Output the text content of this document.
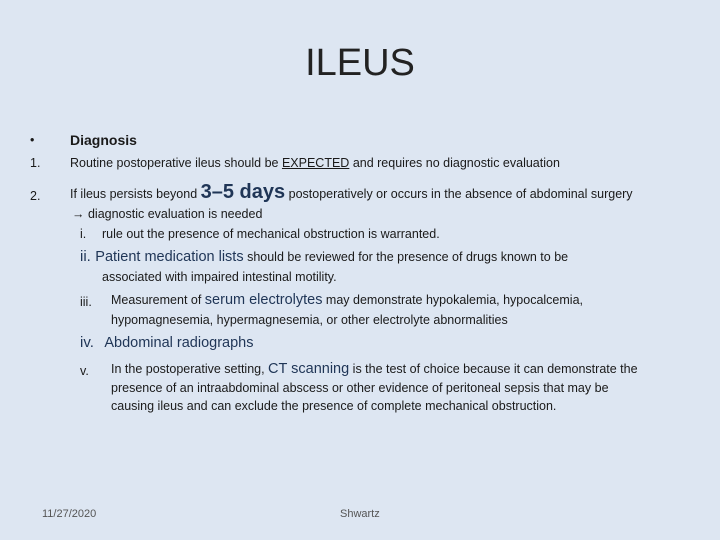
ILEUS
•	Diagnosis
1. Routine postoperative ileus should be EXPECTED and requires no diagnostic evaluation
2. If ileus persists beyond 3–5 days postoperatively or occurs in the absence of abdominal surgery
→ diagnostic evaluation is needed
i. rule out the presence of mechanical obstruction is warranted.
ii. Patient medication lists should be reviewed for the presence of drugs known to be
associated with impaired intestinal motility.
iii. Measurement of serum electrolytes may demonstrate hypokalemia, hypocalcemia,
hypomagnesemia, hypermagnesemia, or other electrolyte abnormalities
iv. Abdominal radiographs
v. In the postoperative setting, CT scanning is the test of choice because it can demonstrate the
presence of an intraabdominal abscess or other evidence of peritoneal sepsis that may be
causing ileus and can exclude the presence of complete mechanical obstruction.
11/27/2020	Shwartz
